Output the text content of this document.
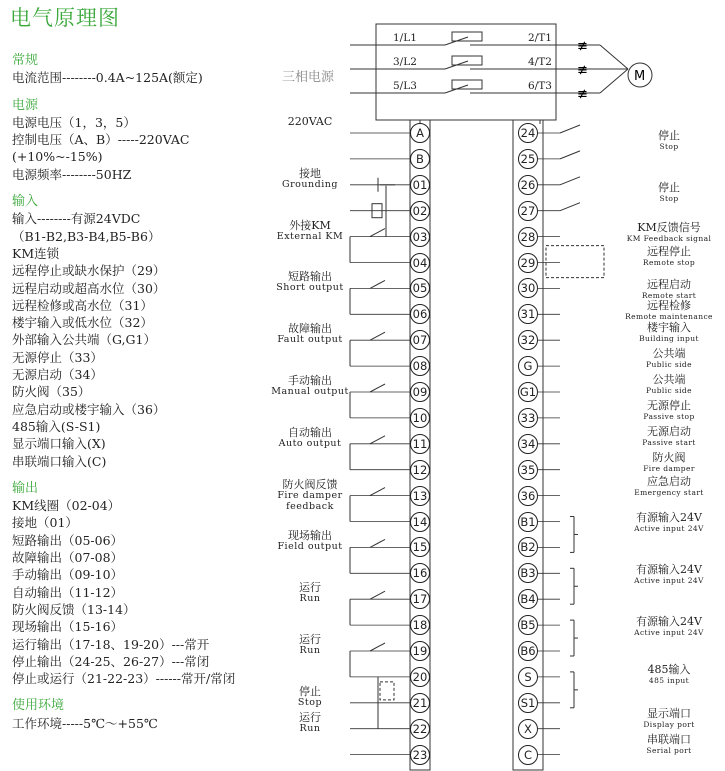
电气原理图
常规
电流范围--------0.4A~125A(额定)
电源
电源电压（1，3，5）
控制电压（A、B）-----220VAC
(+10%~-15%)
电源频率--------50HZ
输入
输入--------有源24VDC
（B1-B2,B3-B4,B5-B6）
KM连锁
远程停止或缺水保护（29）
远程启动或超高水位（30）
远程检修或高水位（31）
楼宇输入或低水位（32）
外部输入公共端（G,G1）
无源停止（33）
无源启动（34）
防火阀（35）
应急启动或楼宇输入（36）
485输入(S-S1)
显示端口输入(X)
串联端口输入(C)
输出
KM线圈（02-04）
接地（01）
短路输出（05-06）
故障输出（07-08）
手动输出（09-10）
自动输出（11-12）
防火阀反馈（13-14）
现场输出（15-16）
运行输出（17-18、19-20）---常开
停止输出（24-25、26-27）---常闭
停止或运行（21-22-23）------常开/常闭
使用环境
工作环境-----5℃～+55℃
三相电源
≢
≢
≢
M
1/L1
3/L2
5/L3
2/T1
4/T2
6/T3
A
B
01
02
03
04
05
06
07
08
09
10
11
12
13
14
15
16
17
18
19
20
21
22
23
24
25
26
27
28
29
30
31
32
G
G1
33
34
35
36
B1
B2
B3
B4
B5
B6
S
S1
X
C
220VAC
接地
Grounding
外接KM
External KM
短路输出
Short output
故障输出
Fault output
手动输出
Manual output
自动输出
Auto output
防火阀反馈
Fire damper
feedback
现场输出
Field output
运行
Run
运行
Run
停止
Stop
运行
Run
停止
Stop
停止
Stop
KM反馈信号
KM Feedback signal
远程停止
Remote stop
远程启动
Remote start
远程检修
Remote maintenance
楼宇输入
Building input
公共端
Public side
公共端
Public side
无源停止
Passive stop
无源启动
Passive start
防火阀
Fire damper
应急启动
Emergency start
有源输入24V
Active input 24V
有源输入24V
Active input 24V
有源输入24V
Active input 24V
485输入
485 input
显示端口
Display port
串联端口
Serial port
